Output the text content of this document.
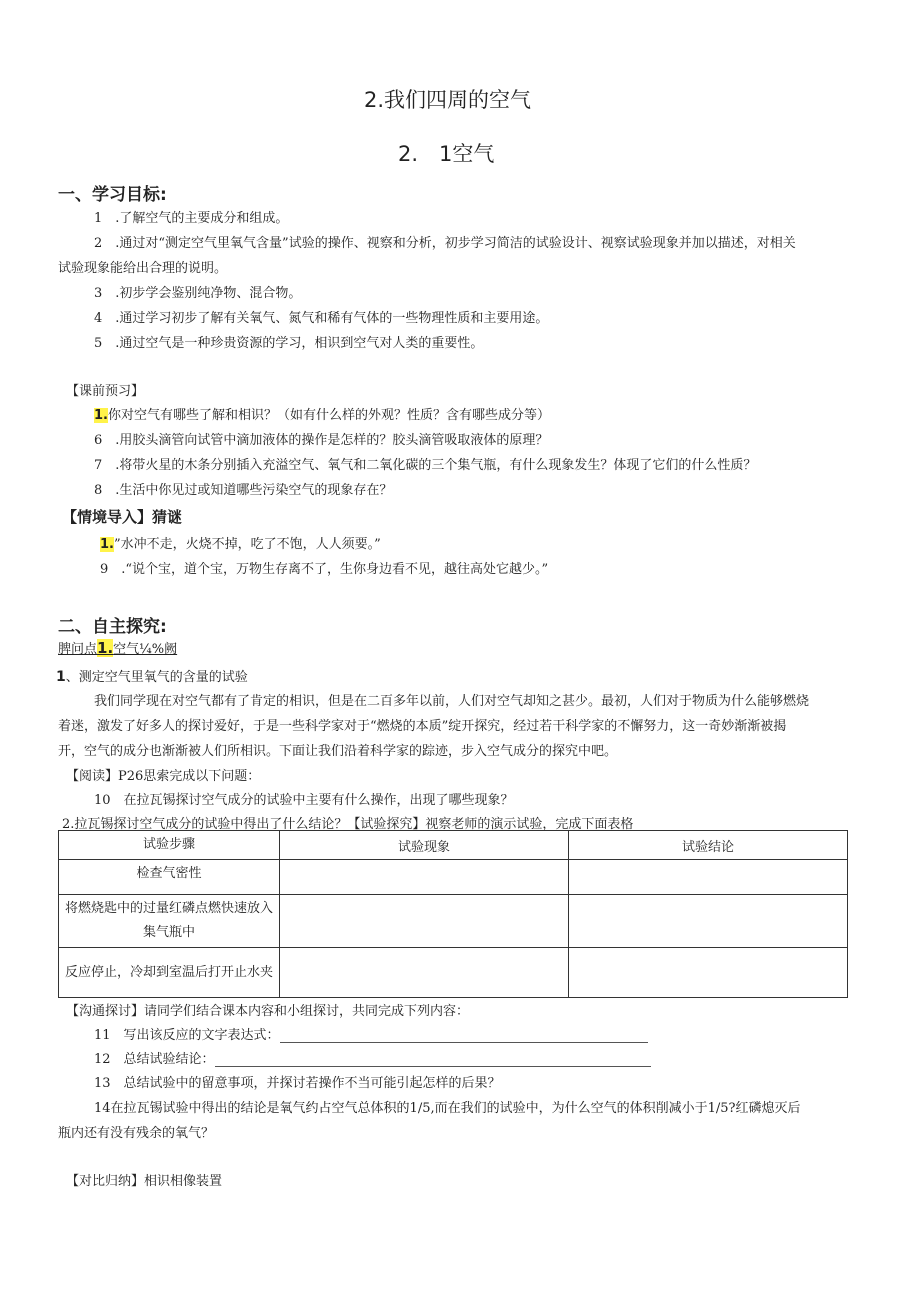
2.我们四周的空气
2.　1空气
一、学习目标:
1　.了解空气的主要成分和组成。
2　.通过对“测定空气里氧气含量”试验的操作、视察和分析，初步学习简洁的试验设计、视察试验现象并加以描述，对相关
试验现象能给出合理的说明。
3　.初步学会鉴别纯净物、混合物。
4　.通过学习初步了解有关氧气、氮气和稀有气体的一些物理性质和主要用途。
5　.通过空气是一种珍贵资源的学习，相识到空气对人类的重要性。
【课前预习】
1.你对空气有哪些了解和相识？（如有什么样的外观？性质？含有哪些成分等）
6　.用胶头滴管向试管中滴加液体的操作是怎样的？胶头滴管吸取液体的原理？
7　.将带火星的木条分别插入充溢空气、氧气和二氧化碳的三个集气瓶，有什么现象发生？体现了它们的什么性质？
8　.生活中你见过或知道哪些污染空气的现象存在？
【情境导入】猜谜
1.”水冲不走，火烧不掉，吃了不饱，人人须要。”
9　.“说个宝，道个宝，万物生存离不了，生你身边看不见，越往高处它越少。”
二、自主探究:
脾问点1.空气¼%阙
1、测定空气里氧气的含量的试验
我们同学现在对空气都有了肯定的相识，但是在二百多年以前，人们对空气却知之甚少。最初，人们对于物质为什么能够燃烧
着迷，激发了好多人的探讨爱好，于是一些科学家对于“燃烧的本质”绽开探究，经过若干科学家的不懈努力，这一奇妙渐渐被揭
开，空气的成分也渐渐被人们所相识。下面让我们沿着科学家的踪迹，步入空气成分的探究中吧。
【阅读】P26思索完成以下问题：
10　在拉瓦锡探讨空气成分的试验中主要有什么操作，出现了哪些现象？
2.拉瓦锡探讨空气成分的试验中得出了什么结论？【试验探究】视察老师的演示试验，完成下面表格
试验步骤	试验现象	试验结论
检查气密性		
将燃烧匙中的过量红磷点燃快速放入集气瓶中		
反应停止，冷却到室温后打开止水夹		
【沟通探讨】请同学们结合课本内容和小组探讨，共同完成下列内容：
11　写出该反应的文字表达式：
12　总结试验结论：
13　总结试验中的留意事项，并探讨若操作不当可能引起怎样的后果？
14在拉瓦锡试验中得出的结论是氧气约占空气总体积的1/5,而在我们的试验中，为什么空气的体积削减小于1/5?红磷熄灭后
瓶内还有没有残余的氧气？
【对比归纳】相识相像装置
